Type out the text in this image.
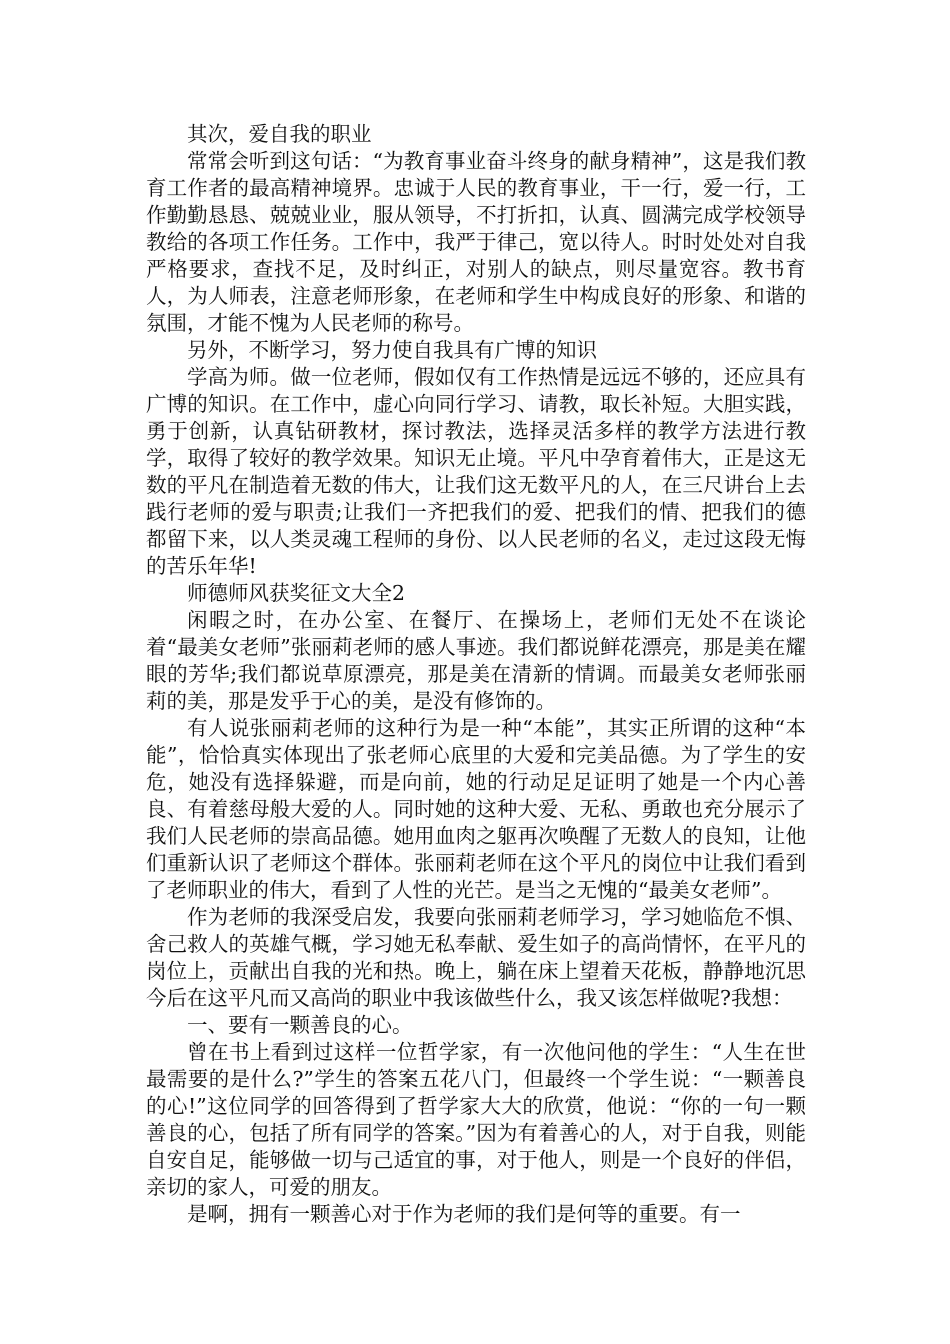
其次，爱自我的职业

常常会听到这句话：“为教育事业奋斗终身的献身精神”，这是我们教育工作者的最高精神境界。忠诚于人民的教育事业，干一行，爱一行，工作勤勤恳恳、兢兢业业，服从领导，不打折扣，认真、圆满完成学校领导教给的各项工作任务。工作中，我严于律己，宽以待人。时时处处对自我严格要求，查找不足，及时纠正，对别人的缺点，则尽量宽容。教书育人，为人师表，注意老师形象，在老师和学生中构成良好的形象、和谐的氛围，才能不愧为人民老师的称号。

另外，不断学习，努力使自我具有广博的知识

学高为师。做一位老师，假如仅有工作热情是远远不够的，还应具有广博的知识。在工作中，虚心向同行学习、请教，取长补短。大胆实践，勇于创新，认真钻研教材，探讨教法，选择灵活多样的教学方法进行教学，取得了较好的教学效果。知识无止境。平凡中孕育着伟大，正是这无数的平凡在制造着无数的伟大，让我们这无数平凡的人，在三尺讲台上去践行老师的爱与职责;让我们一齐把我们的爱、把我们的情、把我们的德都留下来，以人类灵魂工程师的身份、以人民老师的名义，走过这段无悔的苦乐年华!

师德师风获奖征文大全2

闲暇之时，在办公室、在餐厅、在操场上，老师们无处不在谈论着“最美女老师”张丽莉老师的感人事迹。我们都说鲜花漂亮，那是美在耀眼的芳华;我们都说草原漂亮，那是美在清新的情调。而最美女老师张丽莉的美，那是发乎于心的美，是没有修饰的。

有人说张丽莉老师的这种行为是一种“本能”，其实正所谓的这种“本能”，恰恰真实体现出了张老师心底里的大爱和完美品德。为了学生的安危，她没有选择躲避，而是向前，她的行动足足证明了她是一个内心善良、有着慈母般大爱的人。同时她的这种大爱、无私、勇敢也充分展示了我们人民老师的崇高品德。她用血肉之躯再次唤醒了无数人的良知，让他们重新认识了老师这个群体。张丽莉老师在这个平凡的岗位中让我们看到了老师职业的伟大，看到了人性的光芒。是当之无愧的“最美女老师”。

作为老师的我深受启发，我要向张丽莉老师学习，学习她临危不惧、舍己救人的英雄气概，学习她无私奉献、爱生如子的高尚情怀，在平凡的岗位上，贡献出自我的光和热。晚上，躺在床上望着天花板，静静地沉思今后在这平凡而又高尚的职业中我该做些什么，我又该怎样做呢?我想：

一、要有一颗善良的心。

曾在书上看到过这样一位哲学家，有一次他问他的学生：“人生在世最需要的是什么?”学生的答案五花八门，但最终一个学生说：“一颗善良的心!”这位同学的回答得到了哲学家大大的欣赏，他说：“你的一句一颗善良的心，包括了所有同学的答案。”因为有着善心的人，对于自我，则能自安自足，能够做一切与己适宜的事，对于他人，则是一个良好的伴侣，亲切的家人，可爱的朋友。

是啊，拥有一颗善心对于作为老师的我们是何等的重要。有一
